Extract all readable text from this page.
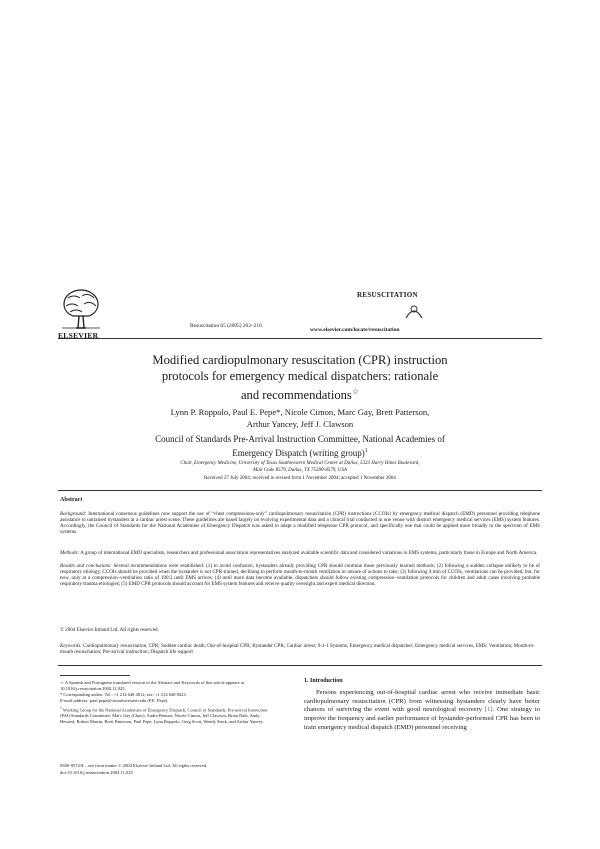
ELSEVIER
Resuscitation 65 (2005) 203–210
RESUSCITATION
www.elsevier.com/locate/resuscitation
Modified cardiopulmonary resuscitation (CPR) instruction
protocols for emergency medical dispatchers: rationale
and recommendations☆
Lynn P. Roppolo, Paul E. Pepe*, Nicole Cimon, Marc Gay, Brett Patterson,
Arthur Yancey, Jeff J. Clawson
Council of Standards Pre-Arrival Instruction Committee, National Academies of
Emergency Dispatch (writing group)$^1$
Chair, Emergency Medicine, University of Texas Southwestern Medical Center at Dallas, 5323 Harry Hines Boulevard,
Mail Code 8579, Dallas, TX 75390-8579, USA
Received 27 July 2004; received in revised form 1 November 2004; accepted 1 November 2004
Abstract
Background: International consensus guidelines now support the use of “chest compressions-only” cardiopulmonary resuscitation (CPR) instructions (CCOIs) by emergency medical dispatch (EMD) personnel providing telephone assistance to untrained bystanders at a cardiac arrest scene. These guidelines are based largely on evolving experimental data and a clinical trial conducted in one venue with distinct emergency medical services (EMS) system features. Accordingly, the Council of Standards for the National Academies of Emergency Dispatch was asked to adapt a modified telephone CPR protocol, and specifically one that could be applied more broadly to the spectrum of EMS systems.
Methods: A group of international EMD specialists, researchers and professional association representatives analyzed available scientific data and considered variations in EMS systems, particularly those in Europe and North America.
Results and conclusions: Several recommendations were established: (1) to avoid confusion, bystanders already providing CPR should continue those previously learned methods; (2) following a sudden collapse unlikely to be of respiratory etiology, CCOIs should be provided when the bystander is not CPR-trained, declining to perform mouth-to-mouth ventilation or unsure of actions to take; (3) following 4 min of CCOIs, ventilations can be provided, but, for now, only at a compression–ventilation ratio of 100:2 until EMS arrives; (4) until more data become available, dispatchers should follow existing compression–ventilation protocols for children and adult cases involving probable respiratory/trauma etiologies; (5) EMD CPR protocols should account for EMS system features and receive quality oversight and expert medical direction.
© 2004 Elsevier Ireland Ltd. All rights reserved.
Keywords: Cardiopulmonary resuscitation, CPR; Sudden cardiac death; Out-of-hospital CPR; Bystander CPR; Cardiac arrest; 9-1-1 Systems; Emergency medical dispatcher; Emergency medical services, EMS; Ventilation; Mouth-to-mouth resuscitation; Pre-arrival instruction; Dispatch life support
☆ A Spanish and Portuguese translated version of the Abstract and Keywords of this article appears at 10.1016/j.resuscitation.2004.11.025.
* Corresponding author. Tel.: +1 214 648 4812; fax: +1 214 648 8423.
E-mail address: paul.pepe@utsouthwestern.edu (P.E. Pepe).
$^1$ Working Group for the National Academies of Emergency Dispatch, Council of Standards, Pre-arrival Instruction (PAI) Standards Committee: Marc Gay (Chair), Audra Benson, Nicole Cimon, Jeff Clawson, Brian Dale, Andy Heward, Robert Martin, Brett Patterson, Paul Pepe, Lynn Roppolo, Greg Scott, Wendy Steck, and Arthur Yancey.
0300-9572/$ – see front matter © 2004 Elsevier Ireland Ltd. All rights reserved.
doi:10.1016/j.resuscitation.2004.11.025
1. Introduction
Persons experiencing out-of-hospital cardiac arrest who receive immediate basic cardiopulmonary resuscitation (CPR) from witnessing bystanders clearly have better chances of surviving the event with good neurological recovery [1]. One strategy to improve the frequency and earlier performance of bystander-performed CPR has been to train emergency medical dispatch (EMD) personnel receiving
